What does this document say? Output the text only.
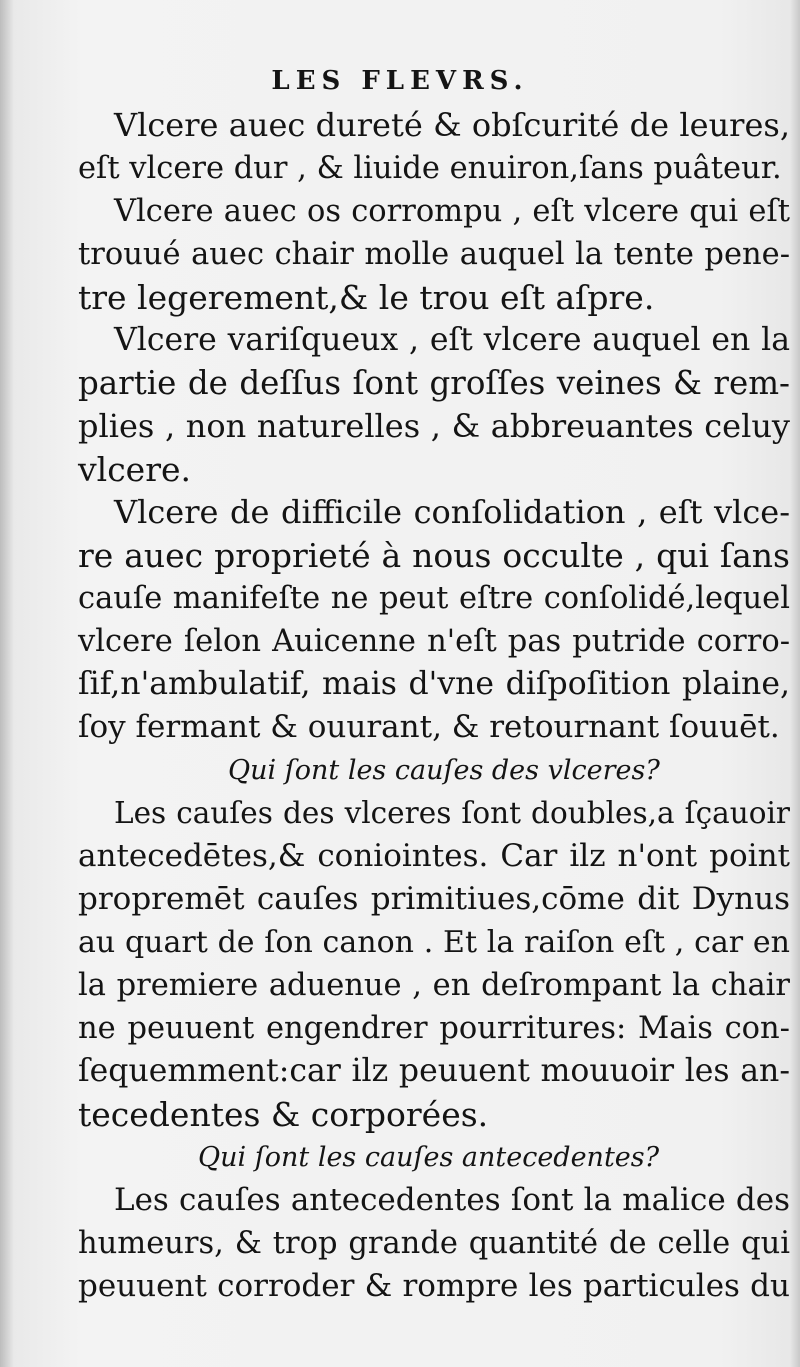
LES FLEVRS.
Vlcere auec dureté & obſcurité de leures,
eſt vlcere dur , & liuide enuiron,ſans puâteur.
Vlcere auec os corrompu , eſt vlcere qui eſt
trouué auec chair molle auquel la tente pene-
tre legerement,& le trou eſt aſpre.
Vlcere variſqueux , eſt vlcere auquel en la
partie de deſſus ſont groſſes veines & rem-
plies , non naturelles , & abbreuantes celuy
vlcere.
Vlcere de difficile conſolidation , eſt vlce-
re auec proprieté à nous occulte , qui ſans
cauſe manifeſte ne peut eſtre conſolidé,lequel
vlcere ſelon Auicenne n'eſt pas putride corro-
ſif,n'ambulatif, mais d'vne diſpoſition plaine,
ſoy fermant & ouurant, & retournant ſouuēt.
Qui ſont les cauſes des vlceres?
Les cauſes des vlceres ſont doubles,a ſçauoir
antecedētes,& coniointes. Car ilz n'ont point
propremēt cauſes primitiues,cōme dit Dynus
au quart de ſon canon . Et la raiſon eſt , car en
la premiere aduenue , en deſrompant la chair
ne peuuent engendrer pourritures: Mais con-
ſequemment:car ilz peuuent mouuoir les an-
tecedentes & corporées.
Qui ſont les cauſes antecedentes?
Les cauſes antecedentes ſont la malice des
humeurs, & trop grande quantité de celle qui
peuuent corroder & rompre les particules du
